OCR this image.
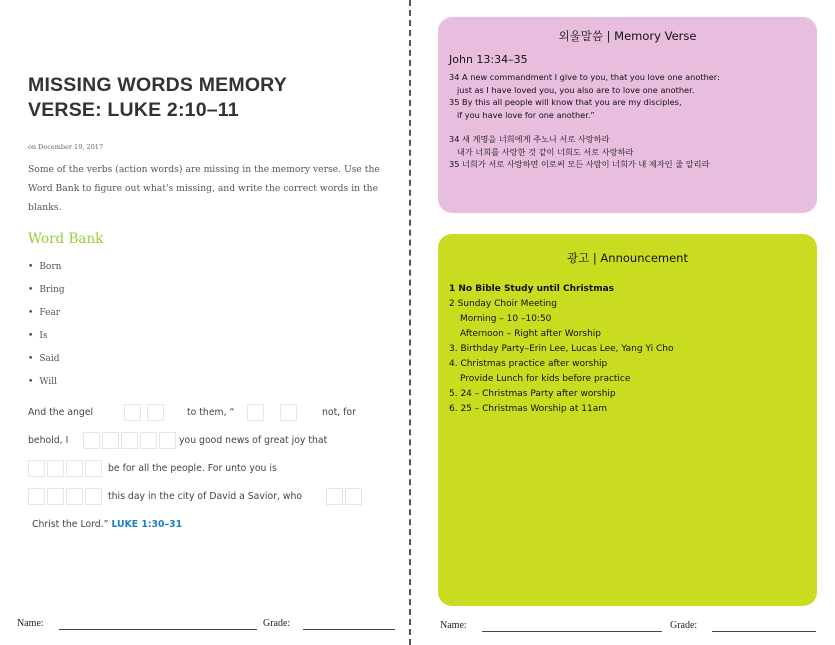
MISSING WORDS MEMORY
VERSE: LUKE 2:10–11
on December 19, 2017
Some of the verbs (action words) are missing in the memory verse. Use the Word Bank to figure out what's missing, and write the correct words in the blanks.
Word Bank
• Born
• Bring
• Fear
• Is
• Said
• Will
And the angel	to them, “	not, for
behold, I	you good news of great joy that
be for all the people. For unto you is
this day in the city of David a Savior, who
Christ the Lord.” LUKE 1:30–31
Name:	Grade:
외울말씀 | Memory Verse
John 13:34–35
34 A new commandment I give to you, that you love one another:
just as I have loved you, you also are to love one another.
35 By this all people will know that you are my disciples,
if you have love for one another.”
34 새 계명을 너희에게 주노니 서로 사랑하라
내가 너희를 사랑한 것 같이 너희도 서로 사랑하라
35 너희가 서로 사랑하면 이로써 모든 사람이 너희가 내 제자인 줄 알리라
광고 | Announcement
1 No Bible Study until Christmas
2 Sunday Choir Meeting
Morning – 10 –10:50
Afternoon – Right after Worship
3. Birthday Party–Erin Lee, Lucas Lee, Yang Yi Cho
4. Christmas practice after worship
Provide Lunch for kids before practice
5. 24 – Christmas Party after worship
6. 25 – Christmas Worship at 11am
Name:	Grade:
